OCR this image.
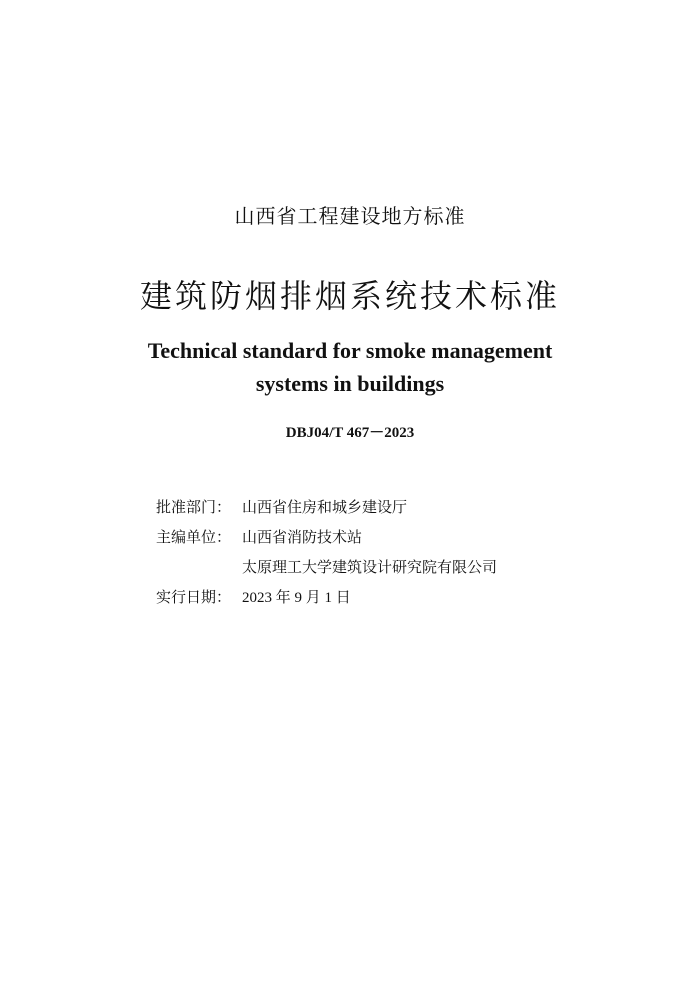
山西省工程建设地方标准
建筑防烟排烟系统技术标准
Technical standard for smoke management
systems in buildings
DBJ04/T 467－2023
批准部门： 山西省住房和城乡建设厅
主编单位： 山西省消防技术站
太原理工大学建筑设计研究院有限公司
实行日期： 2023 年 9 月 1 日
